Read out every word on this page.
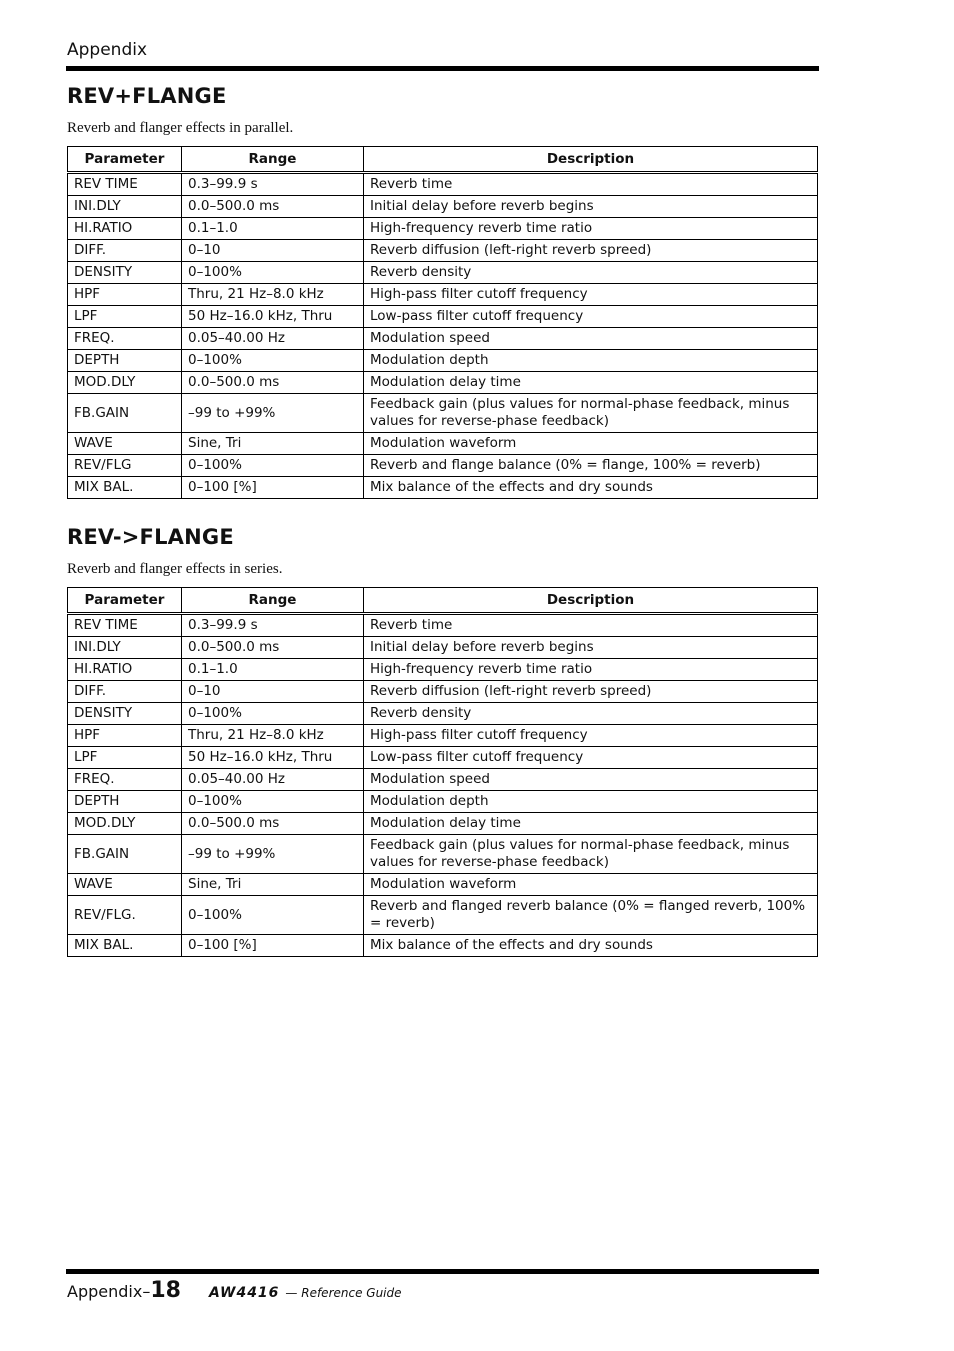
Appendix
REV+FLANGE
Reverb and flanger effects in parallel.
Parameter	Range	Description
REV TIME	0.3–99.9 s	Reverb time
INI.DLY	0.0–500.0 ms	Initial delay before reverb begins
HI.RATIO	0.1–1.0	High-frequency reverb time ratio
DIFF.	0–10	Reverb diffusion (left-right reverb spreed)
DENSITY	0–100%	Reverb density
HPF	Thru, 21 Hz–8.0 kHz	High-pass filter cutoff frequency
LPF	50 Hz–16.0 kHz, Thru	Low-pass filter cutoff frequency
FREQ.	0.05–40.00 Hz	Modulation speed
DEPTH	0–100%	Modulation depth
MOD.DLY	0.0–500.0 ms	Modulation delay time
FB.GAIN	–99 to +99%	Feedback gain (plus values for normal-phase feedback, minus values for reverse-phase feedback)
WAVE	Sine, Tri	Modulation waveform
REV/FLG	0–100%	Reverb and flange balance (0% = flange, 100% = reverb)
MIX BAL.	0–100 [%]	Mix balance of the effects and dry sounds
REV->FLANGE
Reverb and flanger effects in series.
Parameter	Range	Description
REV TIME	0.3–99.9 s	Reverb time
INI.DLY	0.0–500.0 ms	Initial delay before reverb begins
HI.RATIO	0.1–1.0	High-frequency reverb time ratio
DIFF.	0–10	Reverb diffusion (left-right reverb spreed)
DENSITY	0–100%	Reverb density
HPF	Thru, 21 Hz–8.0 kHz	High-pass filter cutoff frequency
LPF	50 Hz–16.0 kHz, Thru	Low-pass filter cutoff frequency
FREQ.	0.05–40.00 Hz	Modulation speed
DEPTH	0–100%	Modulation depth
MOD.DLY	0.0–500.0 ms	Modulation delay time
FB.GAIN	–99 to +99%	Feedback gain (plus values for normal-phase feedback, minus values for reverse-phase feedback)
WAVE	Sine, Tri	Modulation waveform
REV/FLG.	0–100%	Reverb and flanged reverb balance (0% = flanged reverb, 100% = reverb)
MIX BAL.	0–100 [%]	Mix balance of the effects and dry sounds
Appendix– 18 AW4416 — Reference Guide
